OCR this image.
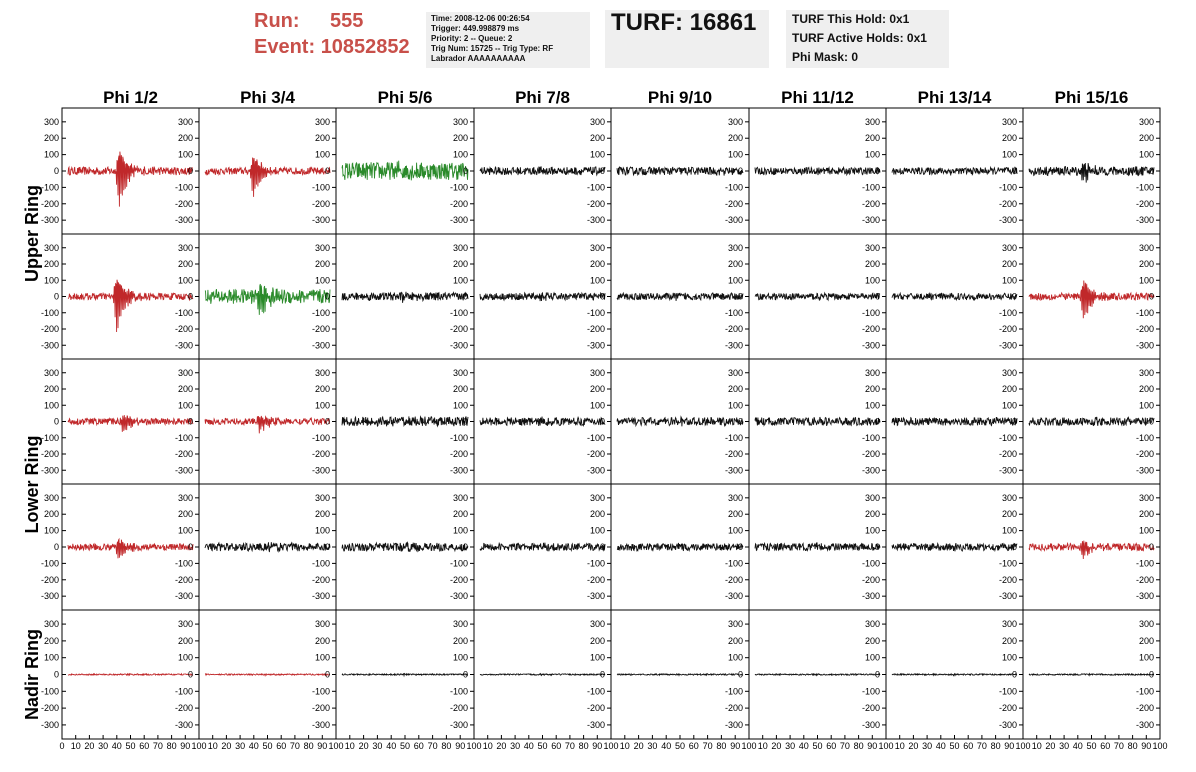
Run: 555
Event: 10852852
Time: 2008-12-06 00:26:54
Trigger: 449.998879 ms
Priority: 2 -- Queue: 2
Trig Num: 15725 -- Trig Type: RF
Labrador AAAAAAAAAA
TURF: 16861	TURF This Hold: 0x1
TURF Active Holds: 0x1
Phi Mask: 0
Phi 1/2	Phi 3/4	Phi 5/6	Phi 7/8	Phi 9/10	Phi 11/12	Phi 13/14	Phi 15/16
Upper Ring
Lower Ring
Nadir Ring
-300
-300
-200
-200
-100
-100
0
0
100
100
200
200
300
300
-300
-200
-100
0
100
200
300
-300
-200
-100
0
100
200
300
-300
-200
-100
0
100
200
300
-300
-200
-100
0
100
200
300
-300
-200
-100
0
100
200
300
-300
-200
-100
0
100
200
300
-300
-200
-100
0
100
200
300
-300
-300
-200
-200
-100
-100
0
0
100
100
200
200
300
300
-300
-200
-100
0
100
200
300
-300
-200
-100
0
100
200
300
-300
-200
-100
0
100
200
300
-300
-200
-100
0
100
200
300
-300
-200
-100
0
100
200
300
-300
-200
-100
0
100
200
300
-300
-200
-100
0
100
200
300
-300
-300
-200
-200
-100
-100
0
0
100
100
200
200
300
300
-300
-200
-100
0
100
200
300
-300
-200
-100
0
100
200
300
-300
-200
-100
0
100
200
300
-300
-200
-100
0
100
200
300
-300
-200
-100
0
100
200
300
-300
-200
-100
0
100
200
300
-300
-200
-100
0
100
200
300
-300
-300
-200
-200
-100
-100
0
0
100
100
200
200
300
300
-300
-200
-100
0
100
200
300
-300
-200
-100
0
100
200
300
-300
-200
-100
0
100
200
300
-300
-200
-100
0
100
200
300
-300
-200
-100
0
100
200
300
-300
-200
-100
0
100
200
300
-300
-200
-100
0
100
200
300
-300
-300
-200
-200
-100
-100
0
0
100
100
200
200
300
300
0 10 20 30 40 50 60 70 80 90 100
-300
-200
-100
0
100
200
300
10 20 30 40 50 60 70 80 90 100
-300
-200
-100
0
100
200
300
10 20 30 40 50 60 70 80 90 100
-300
-200
-100
0
100
200
300
10 20 30 40 50 60 70 80 90 100
-300
-200
-100
0
100
200
300
10 20 30 40 50 60 70 80 90 100
-300
-200
-100
0
100
200
300
10 20 30 40 50 60 70 80 90 100
-300
-200
-100
0
100
200
300
10 20 30 40 50 60 70 80 90 100
-300
-200
-100
0
100
200
300
10 20 30 40 50 60 70 80 90 100
